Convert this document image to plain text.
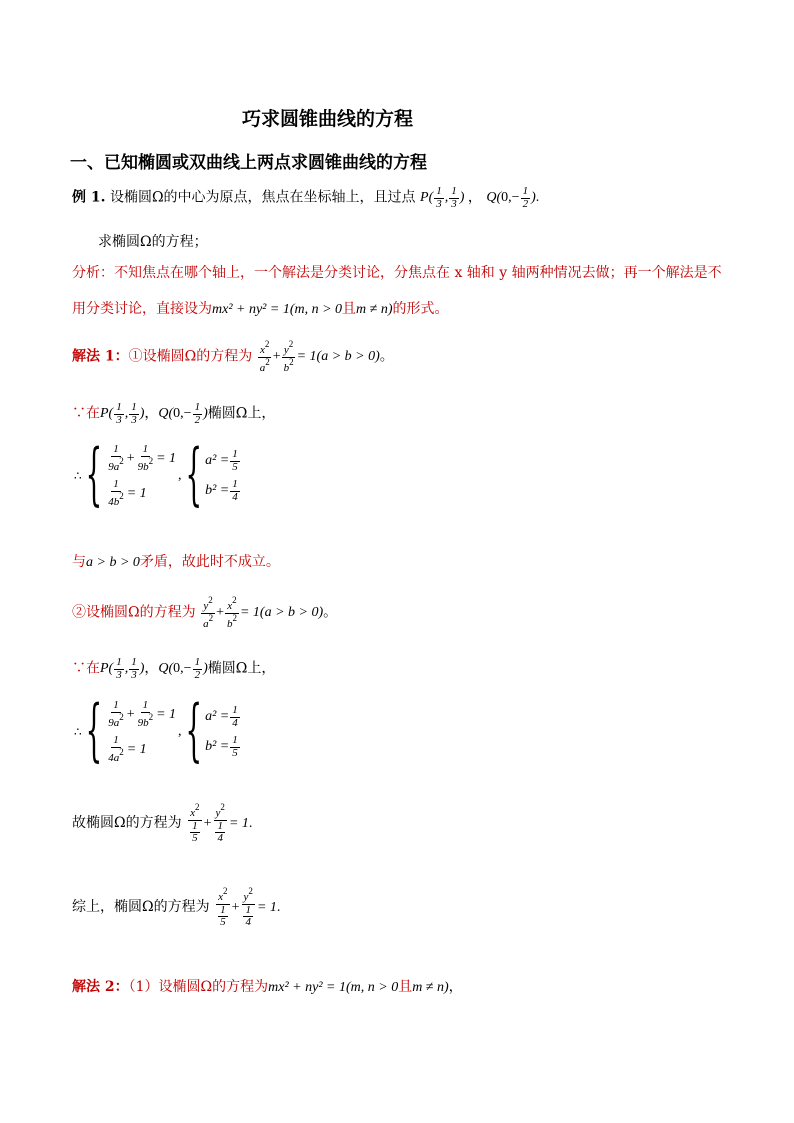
巧求圆锥曲线的方程
一、已知椭圆或双曲线上两点求圆锥曲线的方程
例 1. 设椭圆Ω的中心为原点，焦点在坐标轴上，且过点 $P( \frac{1}{3}$ , $\frac{1}{3}$ ) ， $Q(0,- \frac{1}{2}$ ).
求椭圆Ω的方程；
分析：不知焦点在哪个轴上，一个解法是分类讨论，分焦点在 x 轴和 y 轴两种情况去做；再一个解法是不
用分类讨论，直接设为mx² + ny² = 1(m, n > 0且m ≠ n)的形式。
解法 1：①设椭圆Ω的方程为 $\frac{x^2}{a^2} + \frac{y^2}{b^2} = 1(a > b > 0)$。
∵在$P( \frac{1}{3}$ , $\frac{1}{3}$ )，$Q(0,- \frac{1}{2}$ )椭圆Ω上，
∴ { $\frac{1}{9a^2} + \frac{1}{9b^2} = 1$
$\frac{1}{4b^2} = 1$
, { $a^2 = \frac{1}{5}$
$b^2 = \frac{1}{4}$
与a > b > 0矛盾，故此时不成立。
②设椭圆Ω的方程为 $\frac{y^2}{a^2} + \frac{x^2}{b^2} = 1(a > b > 0)$。
∵在$P( \frac{1}{3}$ , $\frac{1}{3}$ )，$Q(0,- \frac{1}{2}$ )椭圆Ω上，
∴ { $\frac{1}{9a^2} + \frac{1}{9b^2} = 1$
$\frac{1}{4a^2} = 1$
, { $a^2 = \frac{1}{4}$
$b^2 = \frac{1}{5}$
故椭圆Ω的方程为 $\frac{x^2}{\frac{1}{5}} + \frac{y^2}{\frac{1}{4}} = 1$.
综上，椭圆Ω的方程为 $\frac{x^2}{\frac{1}{5}} + \frac{y^2}{\frac{1}{4}} = 1$.
解法 2：（1）设椭圆Ω的方程为mx² + ny² = 1(m, n > 0且m ≠ n)，
